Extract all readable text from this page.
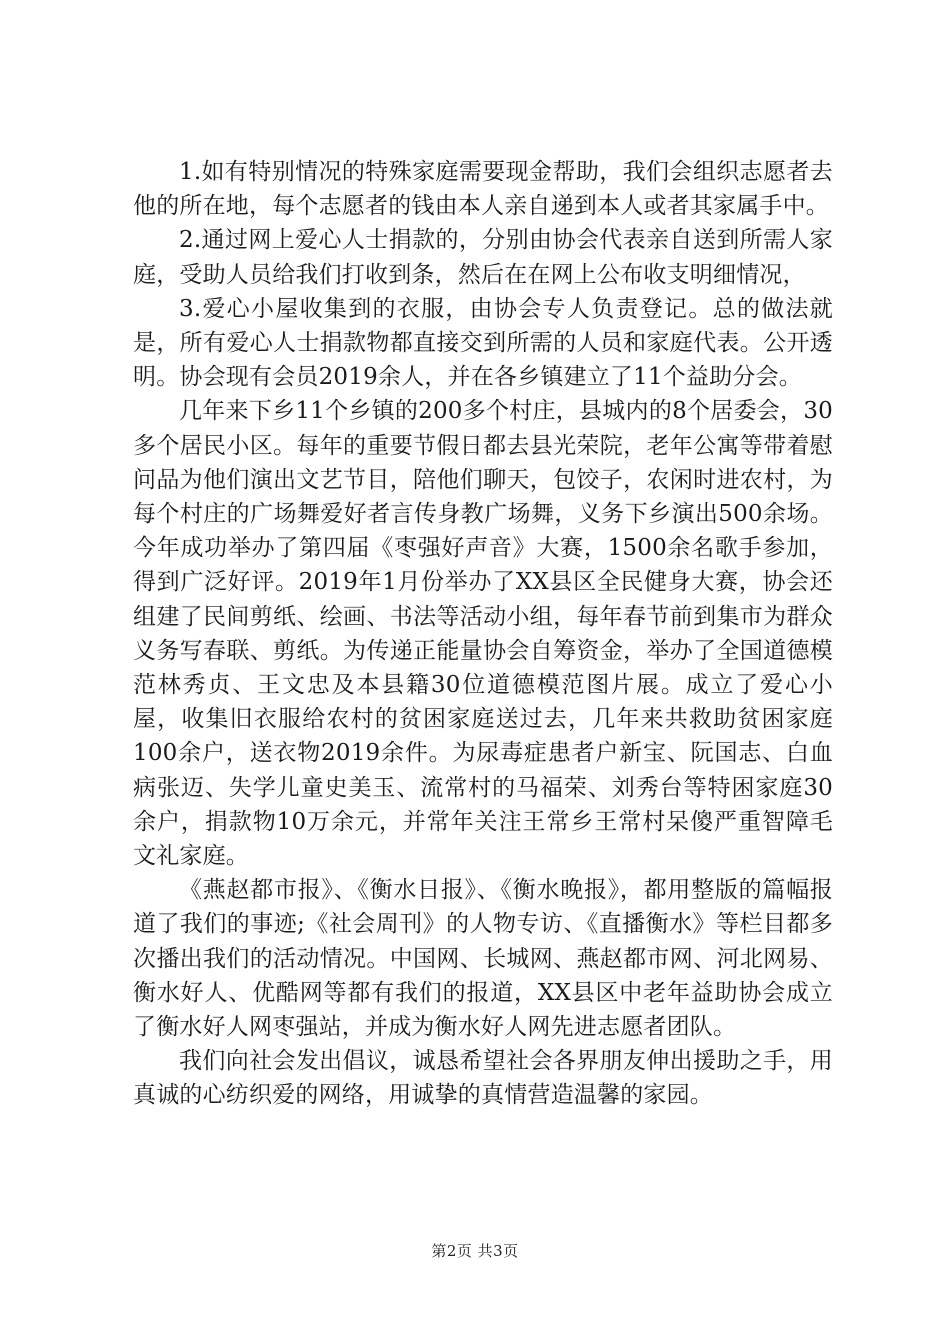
1.如有特别情况的特殊家庭需要现金帮助，我们会组织志愿者去他的所在地，每个志愿者的钱由本人亲自递到本人或者其家属手中。

2.通过网上爱心人士捐款的，分别由协会代表亲自送到所需人家庭，受助人员给我们打收到条，然后在在网上公布收支明细情况，

3.爱心小屋收集到的衣服，由协会专人负责登记。总的做法就是，所有爱心人士捐款物都直接交到所需的人员和家庭代表。公开透明。协会现有会员2019余人，并在各乡镇建立了11个益助分会。

几年来下乡11个乡镇的200多个村庄，县城内的8个居委会，30多个居民小区。每年的重要节假日都去县光荣院，老年公寓等带着慰问品为他们演出文艺节目，陪他们聊天，包饺子，农闲时进农村，为每个村庄的广场舞爱好者言传身教广场舞，义务下乡演出500余场。今年成功举办了第四届《枣强好声音》大赛，1500余名歌手参加，得到广泛好评。2019年1月份举办了XX县区全民健身大赛，协会还组建了民间剪纸、绘画、书法等活动小组，每年春节前到集市为群众义务写春联、剪纸。为传递正能量协会自筹资金，举办了全国道德模范林秀贞、王文忠及本县籍30位道德模范图片展。成立了爱心小屋，收集旧衣服给农村的贫困家庭送过去，几年来共救助贫困家庭100余户，送衣物2019余件。为尿毒症患者户新宝、阮国志、白血病张迈、失学儿童史美玉、流常村的马福荣、刘秀台等特困家庭30余户，捐款物10万余元，并常年关注王常乡王常村呆傻严重智障毛文礼家庭。

《燕赵都市报》、《衡水日报》、《衡水晚报》，都用整版的篇幅报道了我们的事迹;《社会周刊》的人物专访、《直播衡水》等栏目都多次播出我们的活动情况。中国网、长城网、燕赵都市网、河北网易、衡水好人、优酷网等都有我们的报道，XX县区中老年益助协会成立了衡水好人网枣强站，并成为衡水好人网先进志愿者团队。

我们向社会发出倡议，诚恳希望社会各界朋友伸出援助之手，用真诚的心纺织爱的网络，用诚挚的真情营造温馨的家园。

第2页 共3页
